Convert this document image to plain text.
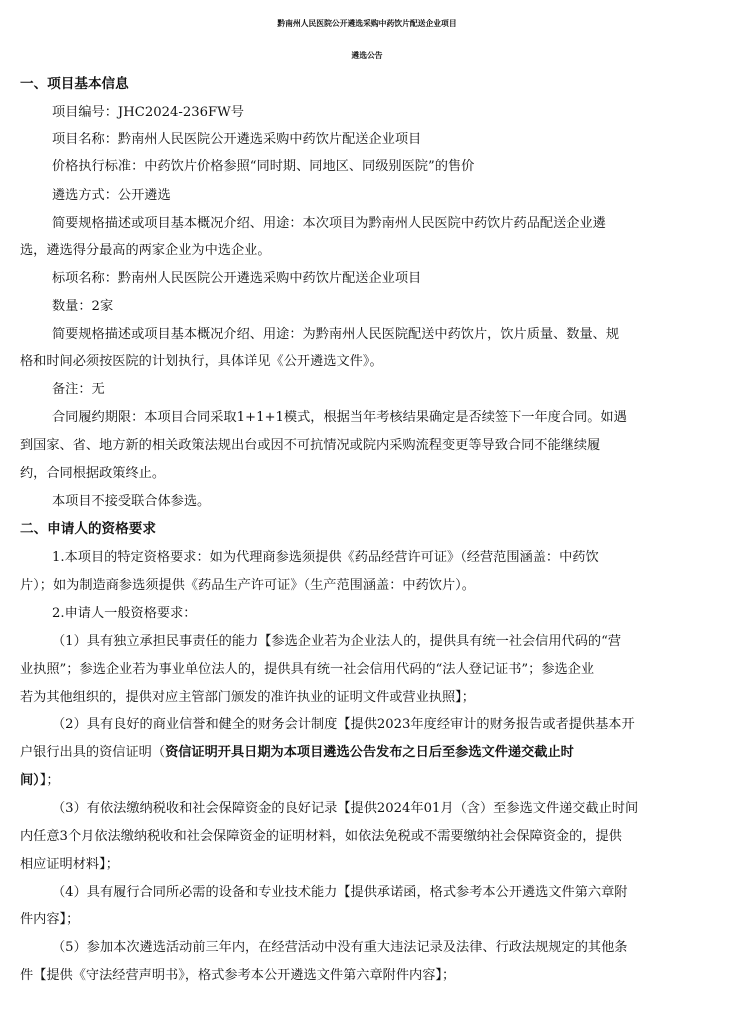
黔南州人民医院公开遴选采购中药饮片配送企业项目
遴选公告
一、项目基本信息
项目编号：JHC2024-236FW号
项目名称：黔南州人民医院公开遴选采购中药饮片配送企业项目
价格执行标准：中药饮片价格参照“同时期、同地区、同级别医院”的售价
遴选方式：公开遴选
简要规格描述或项目基本概况介绍、用途：本次项目为黔南州人民医院中药饮片药品配送企业遴
选，遴选得分最高的两家企业为中选企业。
标项名称：黔南州人民医院公开遴选采购中药饮片配送企业项目
数量：2家
简要规格描述或项目基本概况介绍、用途：为黔南州人民医院配送中药饮片，饮片质量、数量、规
格和时间必须按医院的计划执行，具体详见《公开遴选文件》。
备注：无
合同履约期限：本项目合同采取1+1+1模式，根据当年考核结果确定是否续签下一年度合同。如遇
到国家、省、地方新的相关政策法规出台或因不可抗情况或院内采购流程变更等导致合同不能继续履
约，合同根据政策终止。
本项目不接受联合体参选。
二、申请人的资格要求
1.本项目的特定资格要求：如为代理商参选须提供《药品经营许可证》（经营范围涵盖：中药饮
片）；如为制造商参选须提供《药品生产许可证》（生产范围涵盖：中药饮片）。
2.申请人一般资格要求：
（1）具有独立承担民事责任的能力【参选企业若为企业法人的，提供具有统一社会信用代码的“营
业执照”；参选企业若为事业单位法人的，提供具有统一社会信用代码的“法人登记证书”；参选企业
若为其他组织的，提供对应主管部门颁发的准许执业的证明文件或营业执照】；
（2）具有良好的商业信誉和健全的财务会计制度【提供2023年度经审计的财务报告或者提供基本开
户银行出具的资信证明（资信证明开具日期为本项目遴选公告发布之日后至参选文件递交截止时
间）】；
（3）有依法缴纳税收和社会保障资金的良好记录【提供2024年01月（含）至参选文件递交截止时间
内任意3个月依法缴纳税收和社会保障资金的证明材料，如依法免税或不需要缴纳社会保障资金的，提供
相应证明材料】；
（4）具有履行合同所必需的设备和专业技术能力【提供承诺函，格式参考本公开遴选文件第六章附
件内容】；
（5）参加本次遴选活动前三年内，在经营活动中没有重大违法记录及法律、行政法规规定的其他条
件【提供《守法经营声明书》，格式参考本公开遴选文件第六章附件内容】；
